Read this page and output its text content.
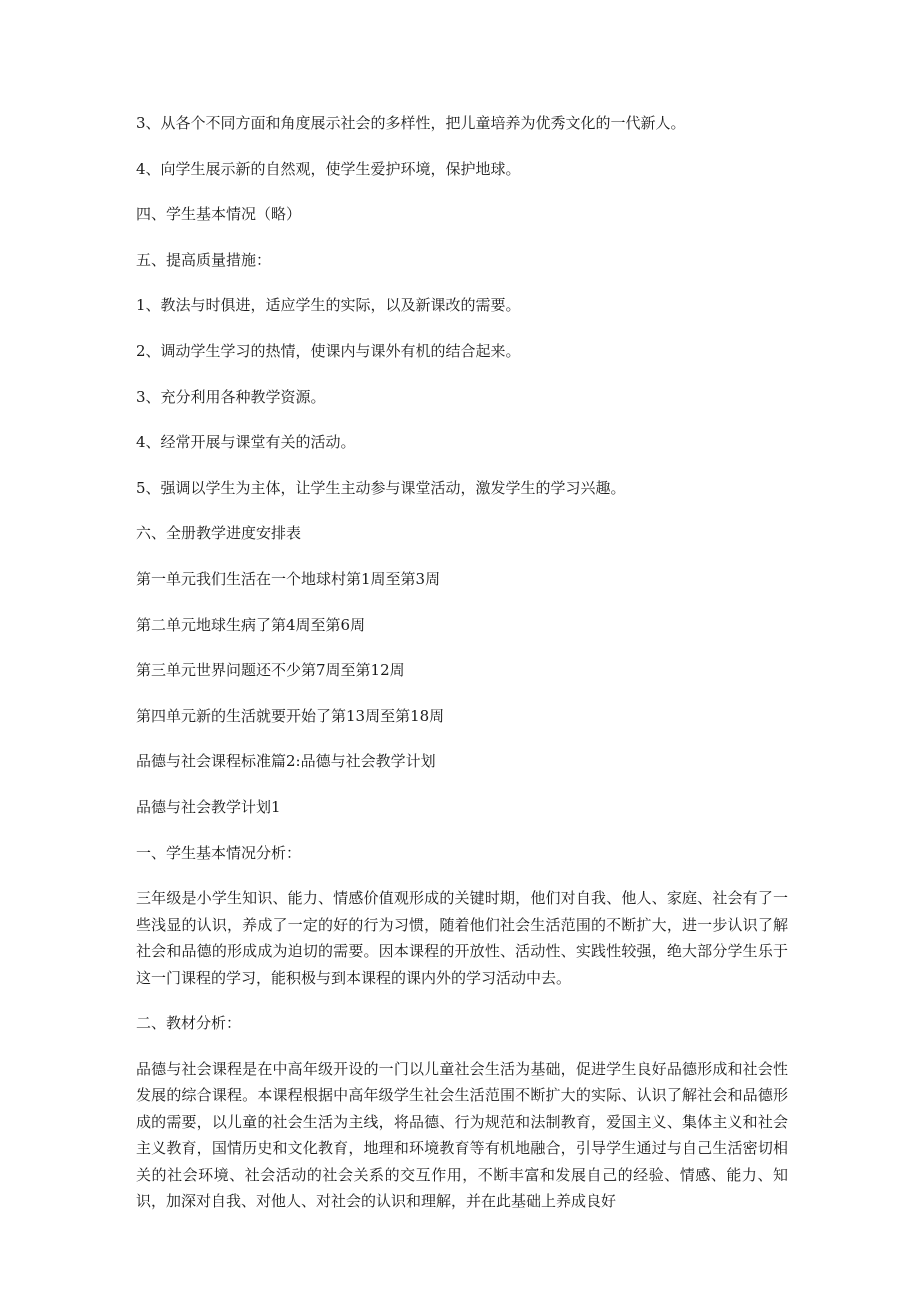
3、从各个不同方面和角度展示社会的多样性，把儿童培养为优秀文化的一代新人。

4、向学生展示新的自然观，使学生爱护环境，保护地球。

四、学生基本情况（略）

五、提高质量措施：

1、教法与时俱进，适应学生的实际，以及新课改的需要。

2、调动学生学习的热情，使课内与课外有机的结合起来。

3、充分利用各种教学资源。

4、经常开展与课堂有关的活动。

5、强调以学生为主体，让学生主动参与课堂活动，激发学生的学习兴趣。

六、全册教学进度安排表

第一单元我们生活在一个地球村第1周至第3周

第二单元地球生病了第4周至第6周

第三单元世界问题还不少第7周至第12周

第四单元新的生活就要开始了第13周至第18周

品德与社会课程标准篇2:品德与社会教学计划

品德与社会教学计划1

一、学生基本情况分析：

三年级是小学生知识、能力、情感价值观形成的关键时期，他们对自我、他人、家庭、社会有了一些浅显的认识，养成了一定的好的行为习惯，随着他们社会生活范围的不断扩大，进一步认识了解社会和品德的形成成为迫切的需要。因本课程的开放性、活动性、实践性较强，绝大部分学生乐于这一门课程的学习，能积极与到本课程的课内外的学习活动中去。

二、教材分析：

品德与社会课程是在中高年级开设的一门以儿童社会生活为基础，促进学生良好品德形成和社会性发展的综合课程。本课程根据中高年级学生社会生活范围不断扩大的实际、认识了解社会和品德形成的需要，以儿童的社会生活为主线，将品德、行为规范和法制教育，爱国主义、集体主义和社会主义教育，国情历史和文化教育，地理和环境教育等有机地融合，引导学生通过与自己生活密切相关的社会环境、社会活动的社会关系的交互作用，不断丰富和发展自己的经验、情感、能力、知识，加深对自我、对他人、对社会的认识和理解，并在此基础上养成良好
